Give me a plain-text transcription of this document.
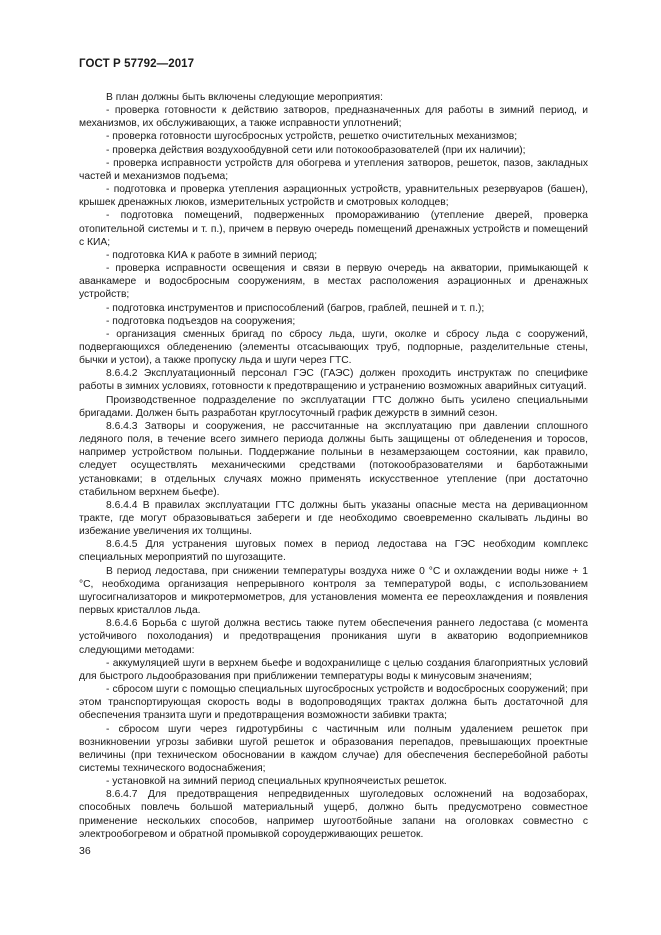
ГОСТ Р 57792—2017

В план должны быть включены следующие мероприятия:

- проверка готовности к действию затворов, предназначенных для работы в зимний период, и механизмов, их обслуживающих, а также исправности уплотнений;

- проверка готовности шугосбросных устройств, решетко очистительных механизмов;

- проверка действия воздухообдувной сети или потокообразователей (при их наличии);

- проверка исправности устройств для обогрева и утепления затворов, решеток, пазов, закладных частей и механизмов подъема;

- подготовка и проверка утепления аэрационных устройств, уравнительных резервуаров (башен), крышек дренажных люков, измерительных устройств и смотровых колодцев;

- подготовка помещений, подверженных промораживанию (утепление дверей, проверка отопительной системы и т. п.), причем в первую очередь помещений дренажных устройств и помещений с КИА;

- подготовка КИА к работе в зимний период;

- проверка исправности освещения и связи в первую очередь на акватории, примыкающей к аванкамере и водосбросным сооружениям, в местах расположения аэрационных и дренажных устройств;

- подготовка инструментов и приспособлений (багров, граблей, пешней и т. п.);

- подготовка подъездов на сооружения;

- организация сменных бригад по сбросу льда, шуги, околке и сбросу льда с сооружений, подвергающихся обледенению (элементы отсасывающих труб, подпорные, разделительные стены, бычки и устои), а также пропуску льда и шуги через ГТС.

8.6.4.2 Эксплуатационный персонал ГЭС (ГАЭС) должен проходить инструктаж по специфике работы в зимних условиях, готовности к предотвращению и устранению возможных аварийных ситуаций.

Производственное подразделение по эксплуатации ГТС должно быть усилено специальными бригадами. Должен быть разработан круглосуточный график дежурств в зимний сезон.

8.6.4.3 Затворы и сооружения, не рассчитанные на эксплуатацию при давлении сплошного ледяного поля, в течение всего зимнего периода должны быть защищены от обледенения и торосов, например устройством полыньи. Поддержание полыньи в незамерзающем состоянии, как правило, следует осуществлять механическими средствами (потокообразователями и барботажными установками; в отдельных случаях можно применять искусственное утепление (при достаточно стабильном верхнем бьефе).

8.6.4.4 В правилах эксплуатации ГТС должны быть указаны опасные места на деривационном тракте, где могут образовываться забереги и где необходимо своевременно скалывать льдины во избежание увеличения их толщины.

8.6.4.5 Для устранения шуговых помех в период ледостава на ГЭС необходим комплекс специальных мероприятий по шугозащите.

В период ледостава, при снижении температуры воздуха ниже 0 °С и охлаждении воды ниже + 1 °С, необходима организация непрерывного контроля за температурой воды, с использованием шугосигнализаторов и микротермометров, для установления момента ее переохлаждения и появления первых кристаллов льда.

8.6.4.6 Борьба с шугой должна вестись также путем обеспечения раннего ледостава (с момента устойчивого похолодания) и предотвращения проникания шуги в акваторию водоприемников следующими методами:

- аккумуляцией шуги в верхнем бьефе и водохранилище с целью создания благоприятных условий для быстрого льдообразования при приближении температуры воды к минусовым значениям;

- сбросом шуги с помощью специальных шугосбросных устройств и водосбросных сооружений; при этом транспортирующая скорость воды в водопроводящих трактах должна быть достаточной для обеспечения транзита шуги и предотвращения возможности забивки тракта;

- сбросом шуги через гидротурбины с частичным или полным удалением решеток при возникновении угрозы забивки шугой решеток и образования перепадов, превышающих проектные величины (при техническом обосновании в каждом случае) для обеспечения бесперебойной работы системы технического водоснабжения;

- установкой на зимний период специальных крупноячеистых решеток.

8.6.4.7 Для предотвращения непредвиденных шуголедовых осложнений на водозаборах, способных повлечь большой материальный ущерб, должно быть предусмотрено совместное применение нескольких способов, например шугоотбойные запани на оголовках совместно с электрообогревом и обратной промывкой сороудерживающих решеток.

36
